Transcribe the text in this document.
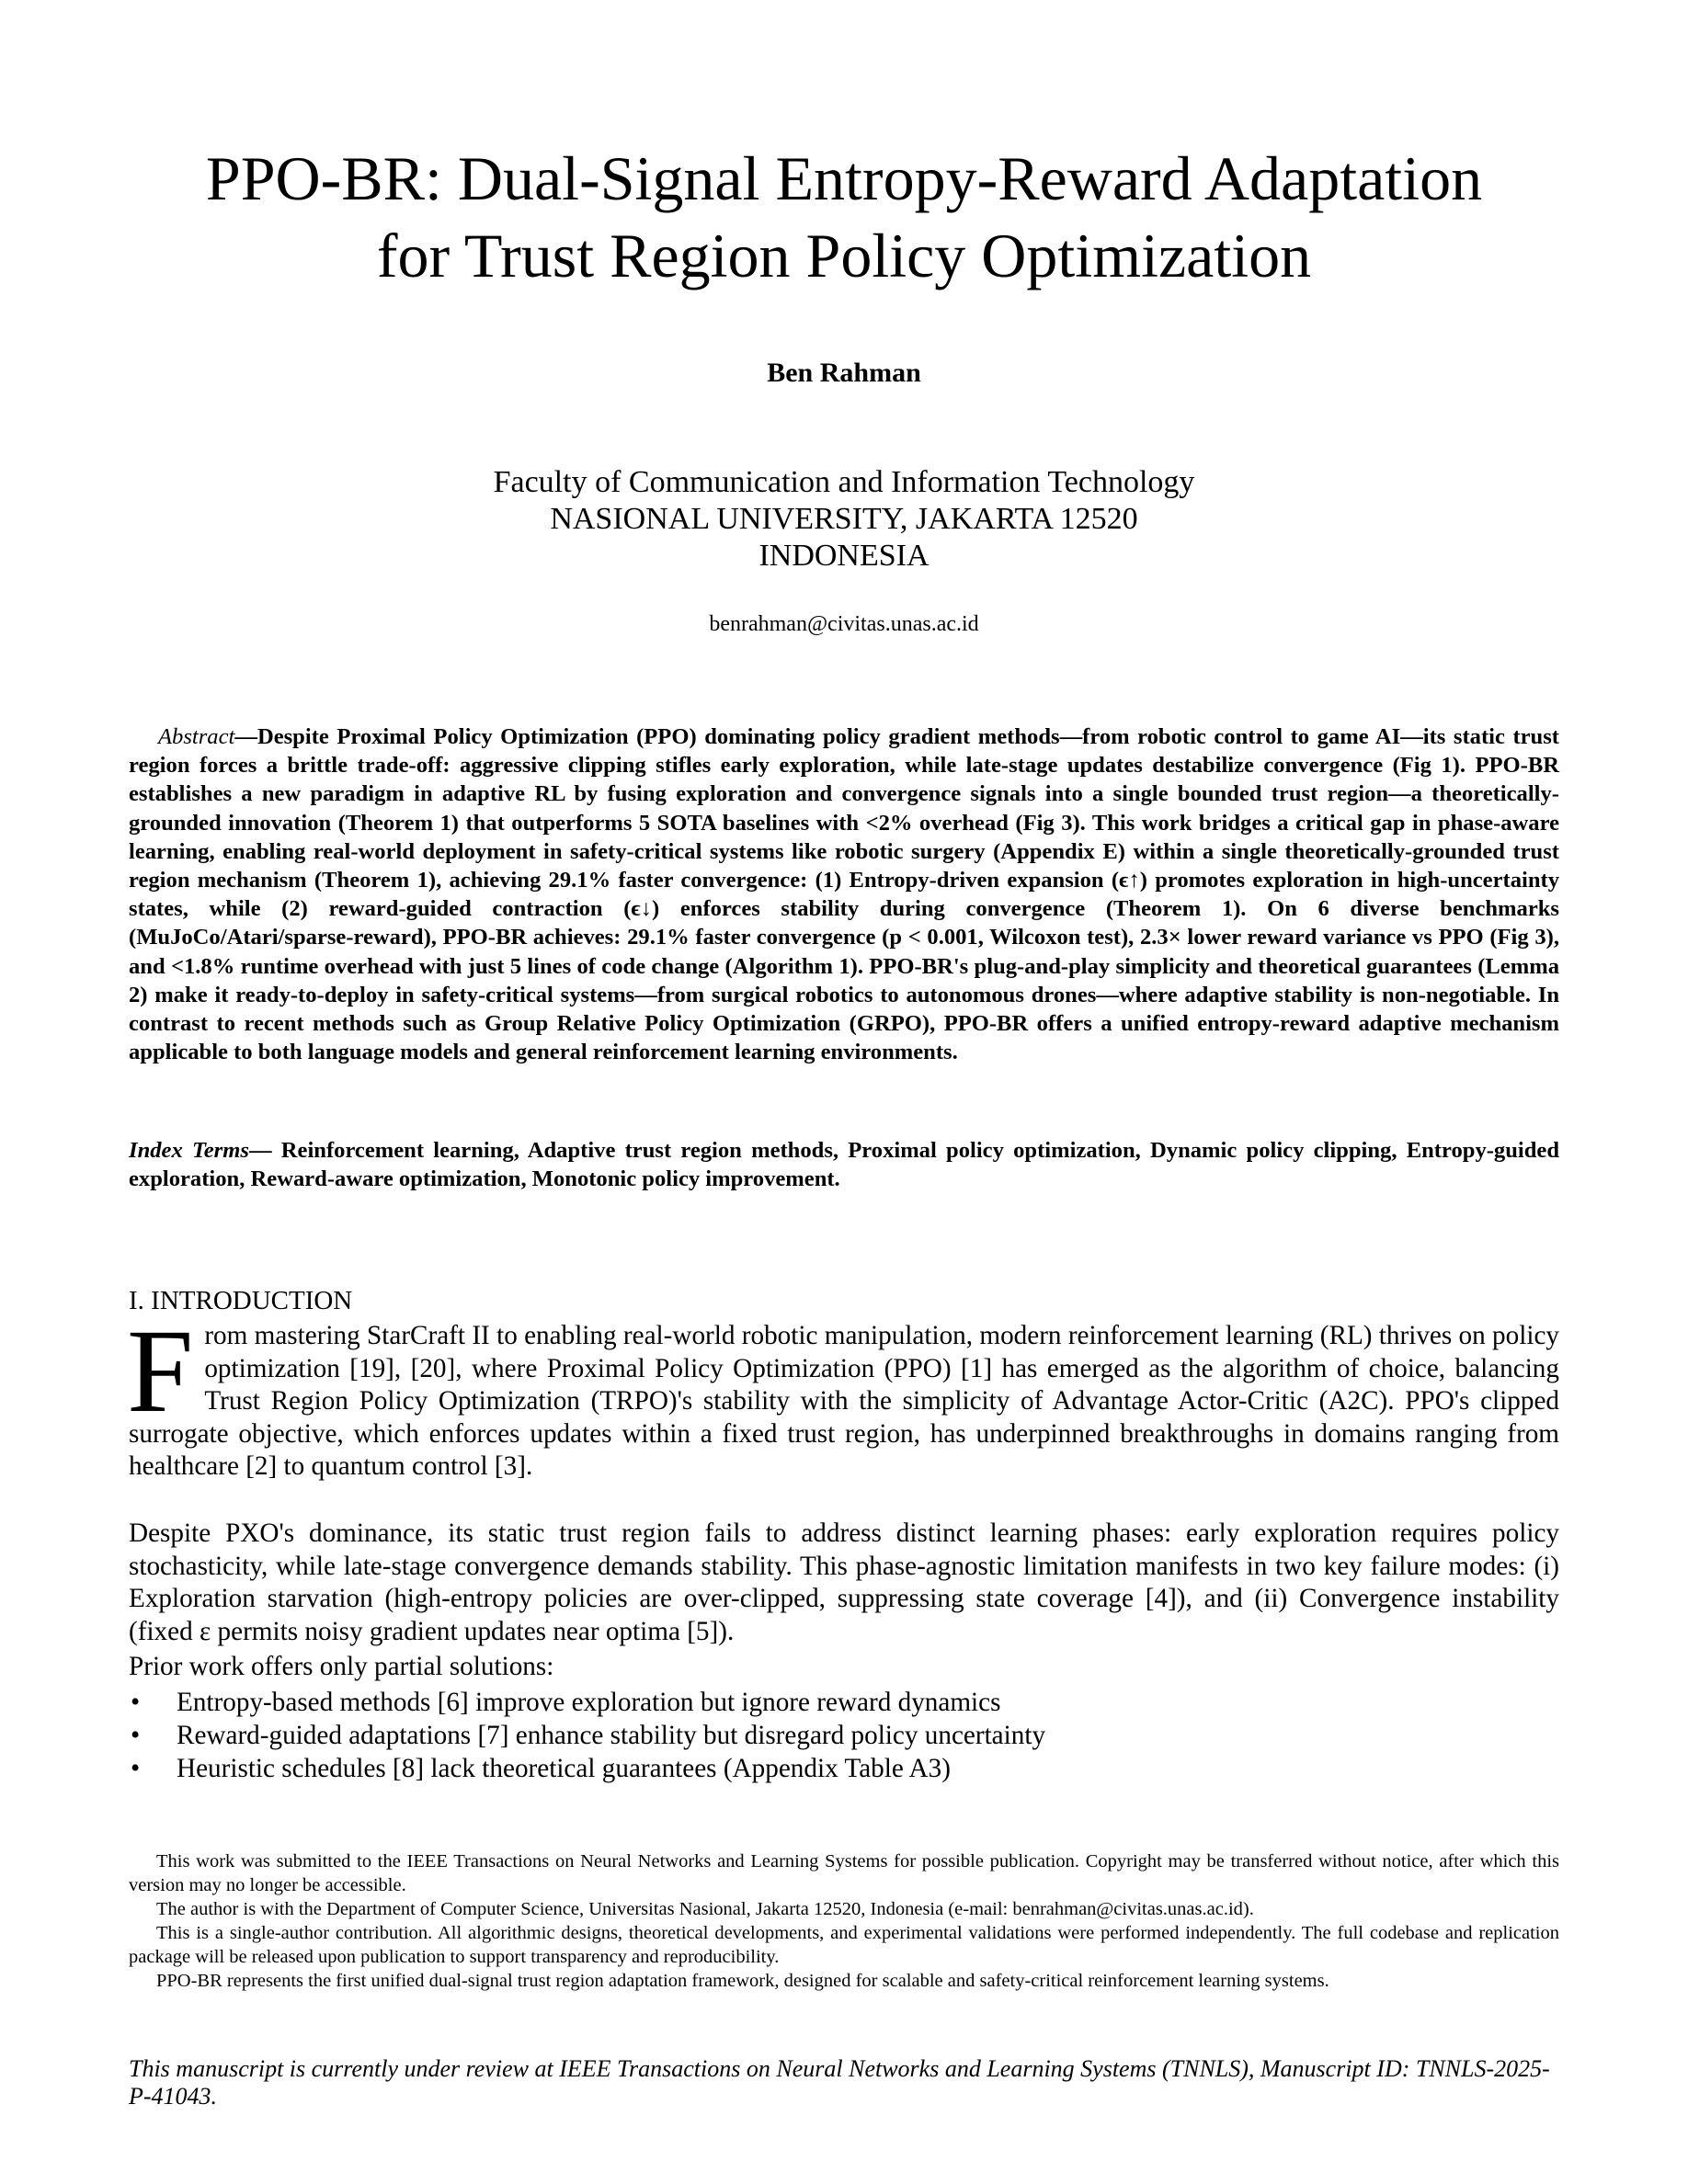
PPO-BR: Dual-Signal Entropy-Reward Adaptation
for Trust Region Policy Optimization
Ben Rahman
Faculty of Communication and Information Technology
NASIONAL UNIVERSITY, JAKARTA 12520
INDONESIA
benrahman@civitas.unas.ac.id
Abstract—Despite Proximal Policy Optimization (PPO) dominating policy gradient methods—from robotic control to game AI—its static trust region forces a brittle trade-off: aggressive clipping stifles early exploration, while late-stage updates destabilize convergence (Fig 1). PPO-BR establishes a new paradigm in adaptive RL by fusing exploration and convergence signals into a single bounded trust region—a theoretically-grounded innovation (Theorem 1) that outperforms 5 SOTA baselines with <2% overhead (Fig 3). This work bridges a critical gap in phase-aware learning, enabling real-world deployment in safety-critical systems like robotic surgery (Appendix E) within a single theoretically-grounded trust region mechanism (Theorem 1), achieving 29.1% faster convergence: (1) Entropy-driven expansion (ϵ↑) promotes exploration in high-uncertainty states, while (2) reward-guided contraction (ϵ↓) enforces stability during convergence (Theorem 1). On 6 diverse benchmarks (MuJoCo/Atari/sparse-reward), PPO-BR achieves: 29.1% faster convergence (p < 0.001, Wilcoxon test), 2.3× lower reward variance vs PPO (Fig 3), and <1.8% runtime overhead with just 5 lines of code change (Algorithm 1). PPO-BR's plug-and-play simplicity and theoretical guarantees (Lemma 2) make it ready-to-deploy in safety-critical systems—from surgical robotics to autonomous drones—where adaptive stability is non-negotiable. In contrast to recent methods such as Group Relative Policy Optimization (GRPO), PPO-BR offers a unified entropy-reward adaptive mechanism applicable to both language models and general reinforcement learning environments.
Index Terms— Reinforcement learning, Adaptive trust region methods, Proximal policy optimization, Dynamic policy clipping, Entropy-guided exploration, Reward-aware optimization, Monotonic policy improvement.
I. INTRODUCTION
From mastering StarCraft II to enabling real-world robotic manipulation, modern reinforcement learning (RL) thrives on policy optimization [19], [20], where Proximal Policy Optimization (PPO) [1] has emerged as the algorithm of choice, balancing Trust Region Policy Optimization (TRPO)'s stability with the simplicity of Advantage Actor-Critic (A2C). PPO's clipped surrogate objective, which enforces updates within a fixed trust region, has underpinned breakthroughs in domains ranging from healthcare [2] to quantum control [3].
Despite PXO's dominance, its static trust region fails to address distinct learning phases: early exploration requires policy stochasticity, while late-stage convergence demands stability. This phase-agnostic limitation manifests in two key failure modes: (i) Exploration starvation (high-entropy policies are over-clipped, suppressing state coverage [4]), and (ii) Convergence instability (fixed ε permits noisy gradient updates near optima [5]).
Prior work offers only partial solutions:
• Entropy-based methods [6] improve exploration but ignore reward dynamics
• Reward-guided adaptations [7] enhance stability but disregard policy uncertainty
• Heuristic schedules [8] lack theoretical guarantees (Appendix Table A3)

This work was submitted to the IEEE Transactions on Neural Networks and Learning Systems for possible publication. Copyright may be transferred without notice, after which this version may no longer be accessible.

The author is with the Department of Computer Science, Universitas Nasional, Jakarta 12520, Indonesia (e-mail: benrahman@civitas.unas.ac.id).

This is a single-author contribution. All algorithmic designs, theoretical developments, and experimental validations were performed independently. The full codebase and replication package will be released upon publication to support transparency and reproducibility.

PPO-BR represents the first unified dual-signal trust region adaptation framework, designed for scalable and safety-critical reinforcement learning systems.

This manuscript is currently under review at IEEE Transactions on Neural Networks and Learning Systems (TNNLS), Manuscript ID: TNNLS-2025-P-41043.
